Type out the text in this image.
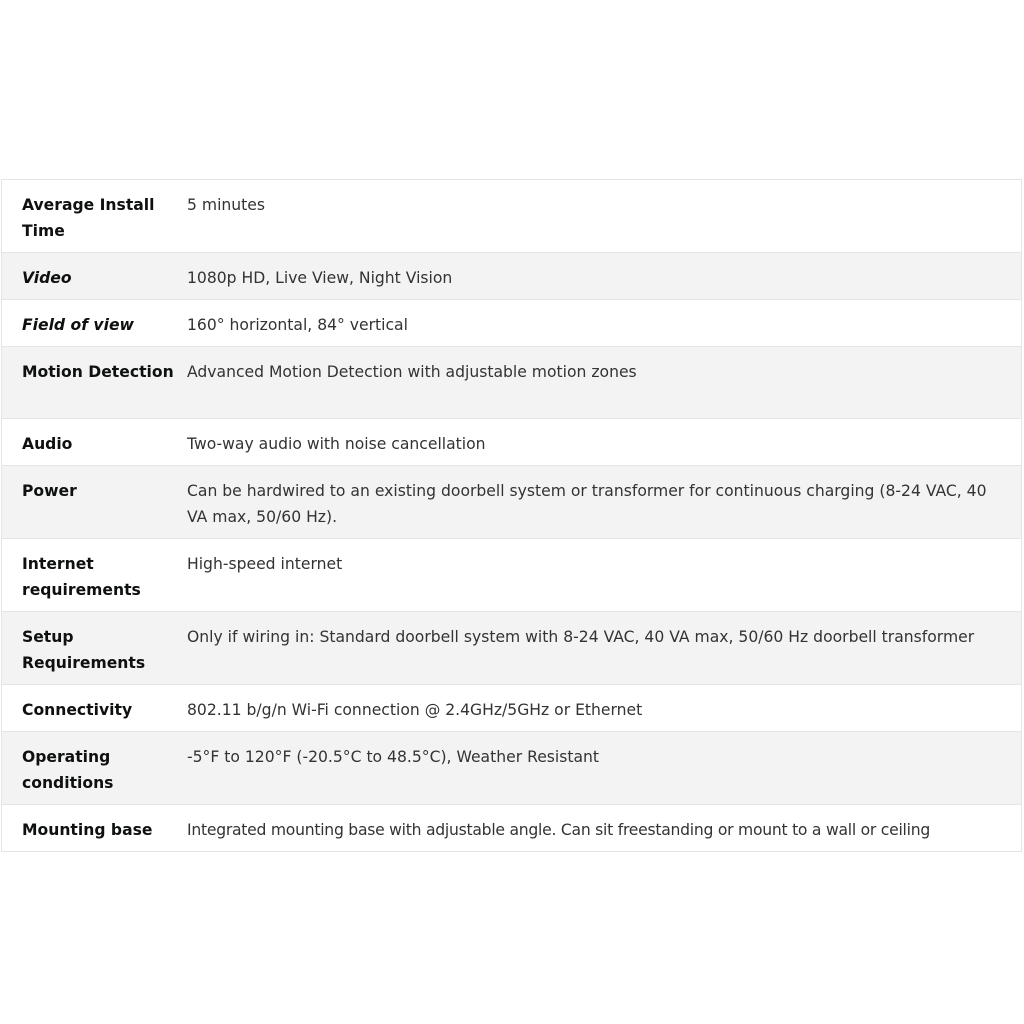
Average Install Time	5 minutes
Video	1080p HD, Live View, Night Vision
Field of view	160° horizontal, 84° vertical
Motion Detection	Advanced Motion Detection with adjustable motion zones
Audio	Two-way audio with noise cancellation
Power	Can be hardwired to an existing doorbell system or transformer for continuous charging (8-24 VAC, 40 VA max, 50/60 Hz).
Internet requirements	High-speed internet
Setup Requirements	Only if wiring in: Standard doorbell system with 8-24 VAC, 40 VA max, 50/60 Hz doorbell transformer
Connectivity	802.11 b/g/n Wi-Fi connection @ 2.4GHz/5GHz or Ethernet
Operating conditions	-5°F to 120°F (-20.5°C to 48.5°C), Weather Resistant
Mounting base	Integrated mounting base with adjustable angle. Can sit freestanding or mount to a wall or ceiling
